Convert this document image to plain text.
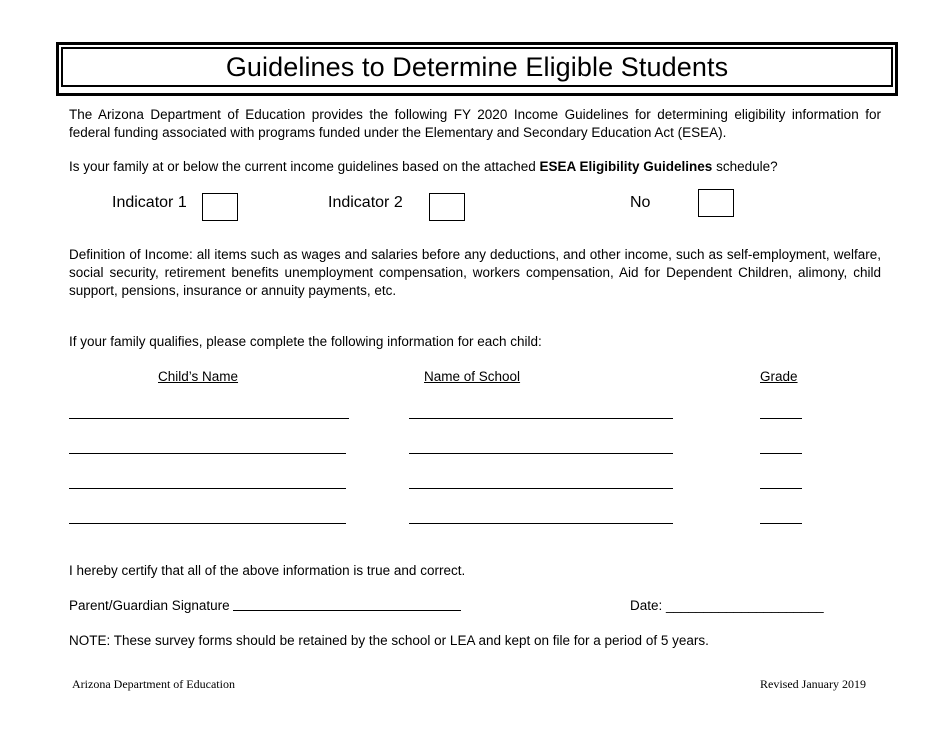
Guidelines to Determine Eligible Students
The Arizona Department of Education provides the following FY 2020 Income Guidelines for determining eligibility information for federal funding associated with programs funded under the Elementary and Secondary Education Act (ESEA).
Is your family at or below the current income guidelines based on the attached ESEA Eligibility Guidelines schedule?
Indicator 1	Indicator 2	No
Definition of Income: all items such as wages and salaries before any deductions, and other income, such as self-employment, welfare, social security, retirement benefits unemployment compensation, workers compensation, Aid for Dependent Children, alimony, child support, pensions, insurance or annuity payments, etc.
If your family qualifies, please complete the following information for each child:
Child’s Name	Name of School	Grade
I hereby certify that all of the above information is true and correct.
Parent/Guardian Signature	Date: _____________________
NOTE: These survey forms should be retained by the school or LEA and kept on file for a period of 5 years.
Arizona Department of Education	Revised January 2019
